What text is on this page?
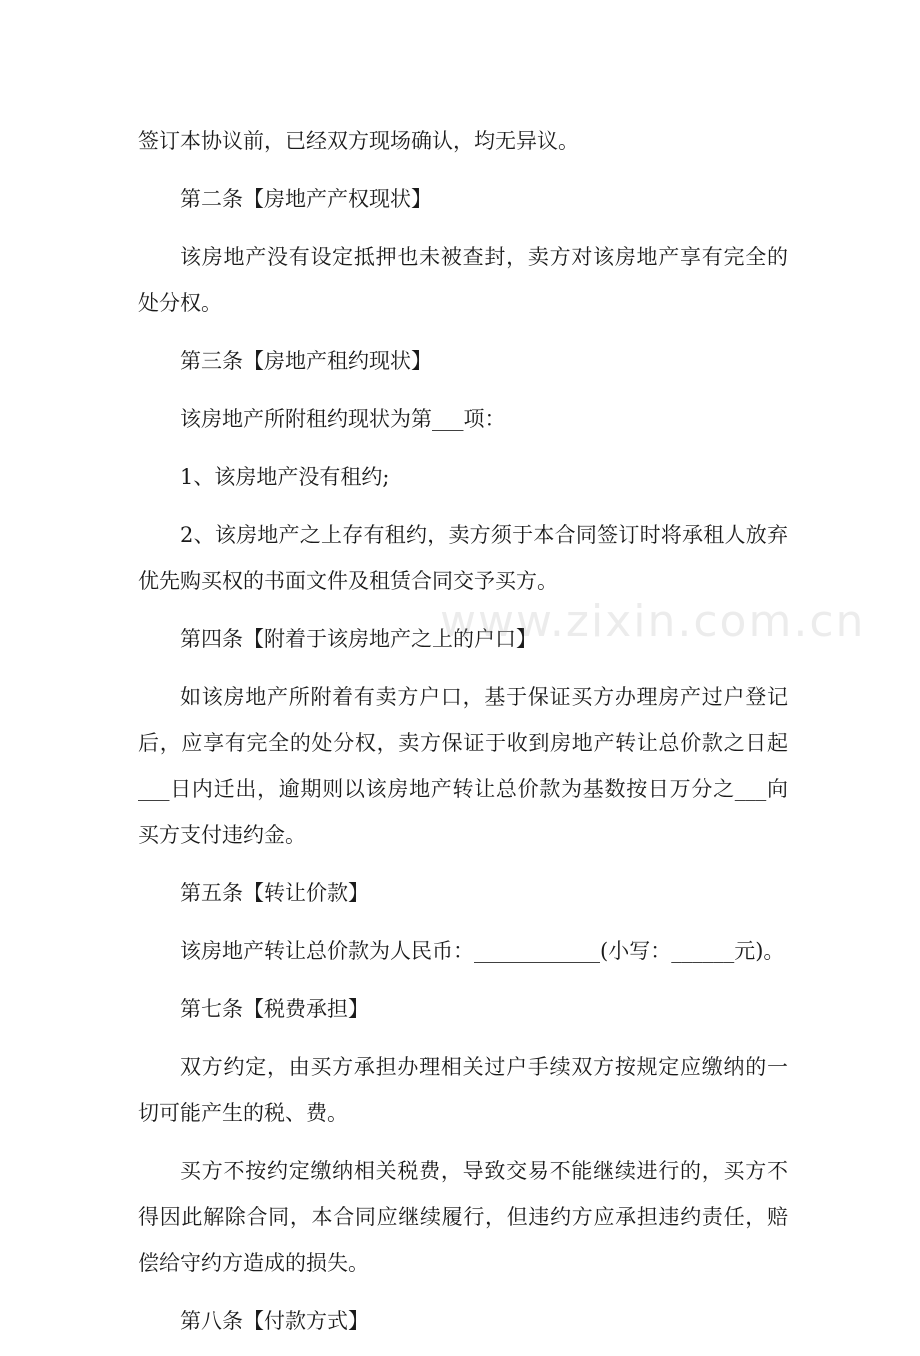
签订本协议前，已经双方现场确认，均无异议。

第二条【房地产产权现状】

该房地产没有设定抵押也未被查封，卖方对该房地产享有完全的处分权。

第三条【房地产租约现状】

该房地产所附租约现状为第___项：

1、该房地产没有租约;

2、该房地产之上存有租约，卖方须于本合同签订时将承租人放弃优先购买权的书面文件及租赁合同交予买方。

第四条【附着于该房地产之上的户口】

如该房地产所附着有卖方户口，基于保证买方办理房产过户登记后，应享有完全的处分权，卖方保证于收到房地产转让总价款之日起___日内迁出，逾期则以该房地产转让总价款为基数按日万分之___向买方支付违约金。

第五条【转让价款】

该房地产转让总价款为人民币：____________(小写：______元)。

第七条【税费承担】

双方约定，由买方承担办理相关过户手续双方按规定应缴纳的一切可能产生的税、费。

买方不按约定缴纳相关税费，导致交易不能继续进行的，买方不得因此解除合同，本合同应继续履行，但违约方应承担违约责任，赔偿给守约方造成的损失。

第八条【付款方式】

www.zixin.com.cn
